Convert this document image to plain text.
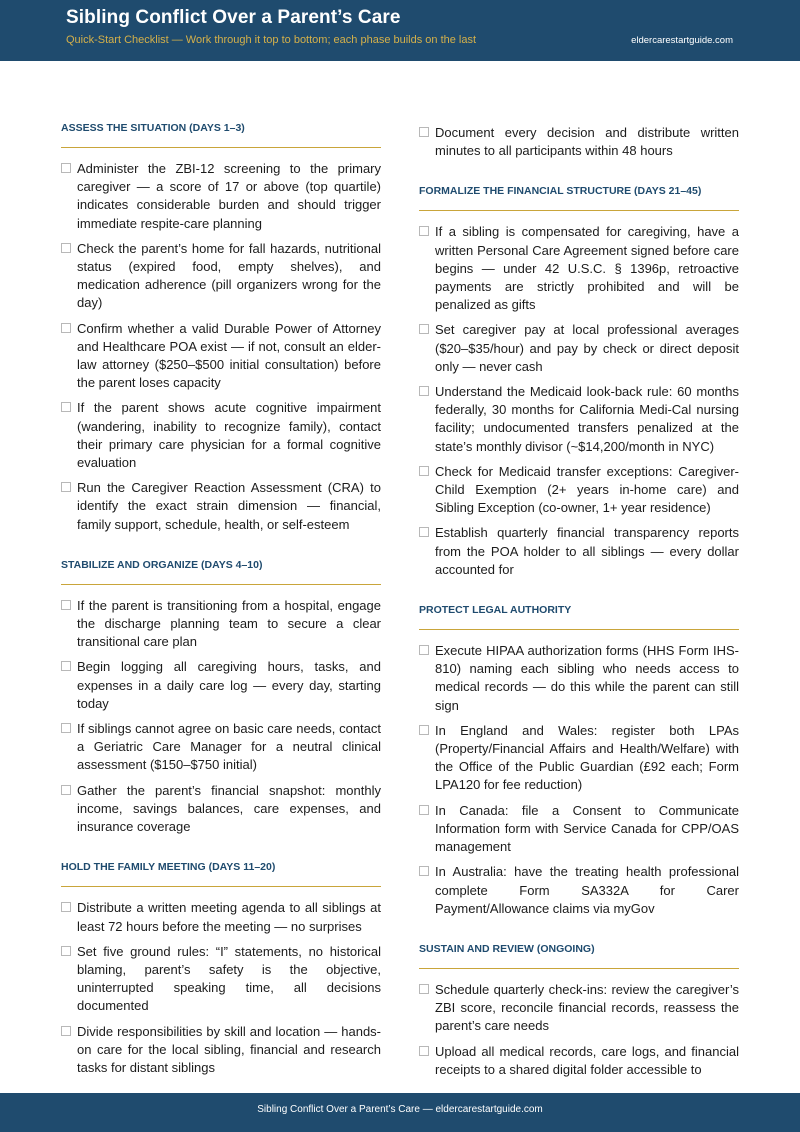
Sibling Conflict Over a Parent’s Care
Quick-Start Checklist — Work through it top to bottom; each phase builds on the last	eldercarestartguide.com
ASSESS THE SITUATION (DAYS 1–3)
Administer the ZBI-12 screening to the primary caregiver — a score of 17 or above (top quartile) indicates considerable burden and should trigger immediate respite-care planning
Check the parent’s home for fall hazards, nutritional status (expired food, empty shelves), and medication adherence (pill organizers wrong for the day)
Confirm whether a valid Durable Power of Attorney and Healthcare POA exist — if not, consult an elder-law attorney ($250–$500 initial consultation) before the parent loses capacity
If the parent shows acute cognitive impairment (wandering, inability to recognize family), contact their primary care physician for a formal cognitive evaluation
Run the Caregiver Reaction Assessment (CRA) to identify the exact strain dimension — financial, family support, schedule, health, or self-esteem
STABILIZE AND ORGANIZE (DAYS 4–10)
If the parent is transitioning from a hospital, engage the discharge planning team to secure a clear transitional care plan
Begin logging all caregiving hours, tasks, and expenses in a daily care log — every day, starting today
If siblings cannot agree on basic care needs, contact a Geriatric Care Manager for a neutral clinical assessment ($150–$750 initial)
Gather the parent’s financial snapshot: monthly income, savings balances, care expenses, and insurance coverage
HOLD THE FAMILY MEETING (DAYS 11–20)
Distribute a written meeting agenda to all siblings at least 72 hours before the meeting — no surprises
Set five ground rules: “I” statements, no historical blaming, parent’s safety is the objective, uninterrupted speaking time, all decisions documented
Divide responsibilities by skill and location — hands-on care for the local sibling, financial and research tasks for distant siblings
Document every decision and distribute written minutes to all participants within 48 hours
FORMALIZE THE FINANCIAL STRUCTURE (DAYS 21–45)
If a sibling is compensated for caregiving, have a written Personal Care Agreement signed before care begins — under 42 U.S.C. § 1396p, retroactive payments are strictly prohibited and will be penalized as gifts
Set caregiver pay at local professional averages ($20–$35/hour) and pay by check or direct deposit only — never cash
Understand the Medicaid look-back rule: 60 months federally, 30 months for California Medi-Cal nursing facility; undocumented transfers penalized at the state’s monthly divisor (~$14,200/month in NYC)
Check for Medicaid transfer exceptions: Caregiver-Child Exemption (2+ years in-home care) and Sibling Exception (co-owner, 1+ year residence)
Establish quarterly financial transparency reports from the POA holder to all siblings — every dollar accounted for
PROTECT LEGAL AUTHORITY
Execute HIPAA authorization forms (HHS Form IHS-810) naming each sibling who needs access to medical records — do this while the parent can still sign
In England and Wales: register both LPAs (Property/Financial Affairs and Health/Welfare) with the Office of the Public Guardian (£92 each; Form LPA120 for fee reduction)
In Canada: file a Consent to Communicate Information form with Service Canada for CPP/OAS management
In Australia: have the treating health professional complete Form SA332A for Carer Payment/Allowance claims via myGov
SUSTAIN AND REVIEW (ONGOING)
Schedule quarterly check-ins: review the caregiver’s ZBI score, reconcile financial records, reassess the parent’s care needs
Upload all medical records, care logs, and financial receipts to a shared digital folder accessible to
Sibling Conflict Over a Parent’s Care — eldercarestartguide.com
